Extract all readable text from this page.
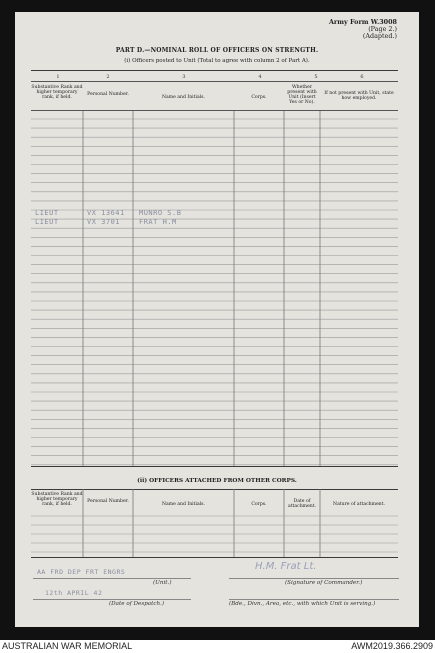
Army Form W.3008
(Page 2.)
(Adapted.)
PART D.—NOMINAL ROLL OF OFFICERS ON STRENGTH.
(i) Officers posted to Unit (Total to agree with column 2 of Part A).
1	2	3	4	5	6
Substantive Rank and higher temporary rank, if held.
Personal Number.
Name and Initials.	Corps.
Whether present with Unit (Insert Yes or No).
If not present with Unit, state how employed.
LIEUT	VX 13641 MUNRO S.B
LIEUT	VX 3701	FRAT H.M
(ii) OFFICERS ATTACHED FROM OTHER CORPS.
Substantive Rank and higher temporary rank, if held.
Personal Number.
Name and Initials.	Corps.
Date of attachment.	Nature of attachment.
AA FRD DEP FRT ENGRS
(Unit.)
H.M. Frat Lt.
(Signature of Commander.)
12th APRIL 42
(Date of Despatch.)	(Bde., Divn., Area, etc., with which Unit is serving.)
AUSTRALIAN WAR MEMORIAL	AWM2019.366.2909
